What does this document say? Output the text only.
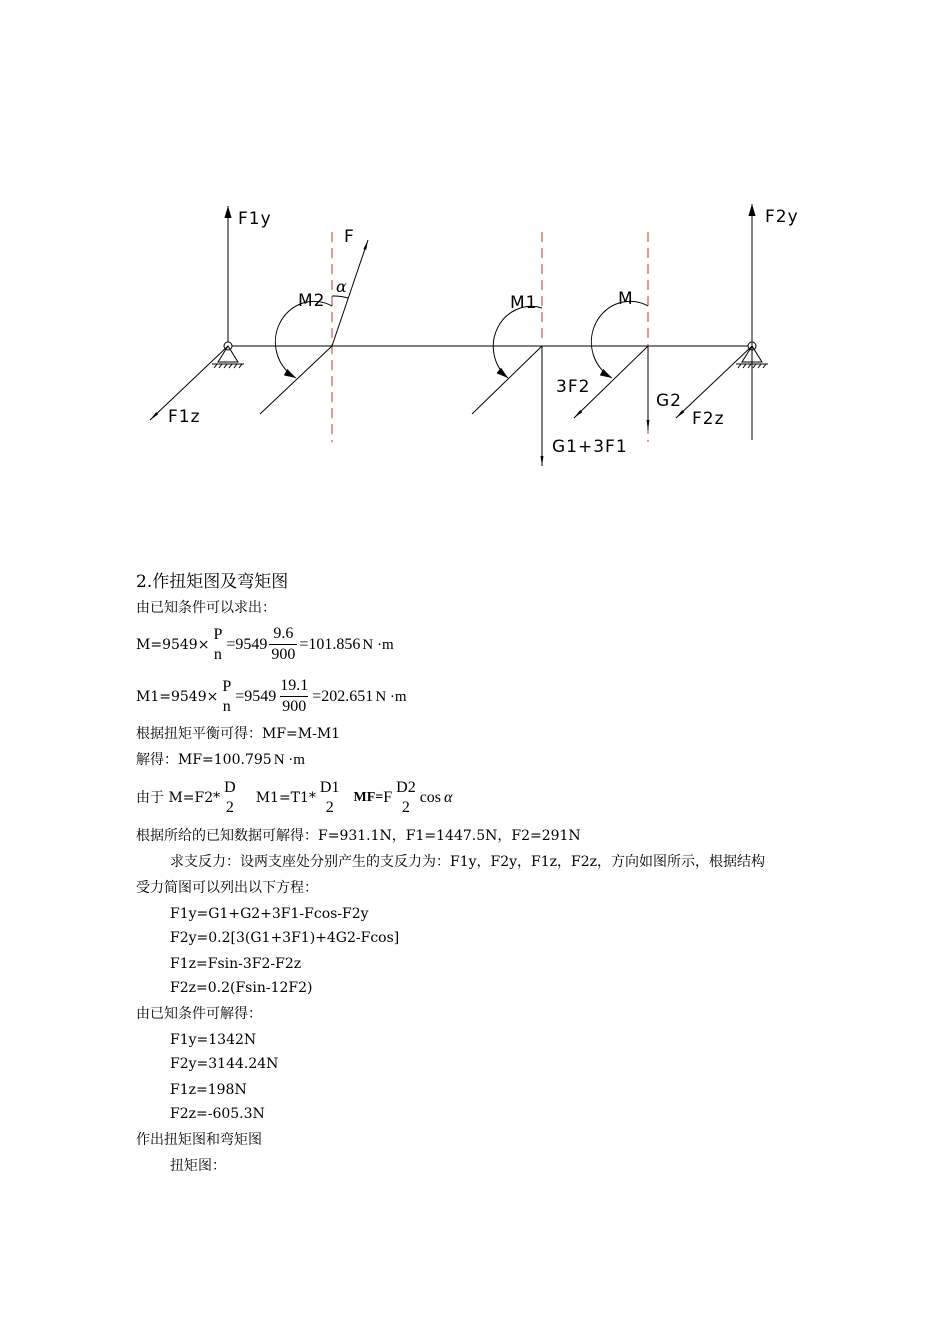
F1y	F2y
F1z
F
α
M2	M1
G1+3F1
M
3F2
G2
F2z
2.作扭矩图及弯矩图
由已知条件可以求出：
M=9549×
P
n
$=9549 \frac{9.6}{900} =101.856$ N ·m
M1=9549×
P
n
$=9549 \frac{19.1}{900} =202.651$ N ·m
根据扭矩平衡可得：MF=M-M1
解得：MF=100.795 N ·m
由于 M=F2*
D
2
M1=T1*
D1
2
MF= F
D2
2
cos α
根据所给的已知数据可解得：F=931.1N，F1=1447.5N，F2=291N
求支反力：设两支座处分别产生的支反力为：F1y，F2y，F1z，F2z，方向如图所示，根据结构
受力简图可以列出以下方程：
F1y=G1+G2+3F1-Fcos-F2y
F2y=0.2[3(G1+3F1)+4G2-Fcos]
F1z=Fsin-3F2-F2z
F2z=0.2(Fsin-12F2)
由已知条件可解得：
F1y=1342N
F2y=3144.24N
F1z=198N
F2z=-605.3N
作出扭矩图和弯矩图
扭矩图：
